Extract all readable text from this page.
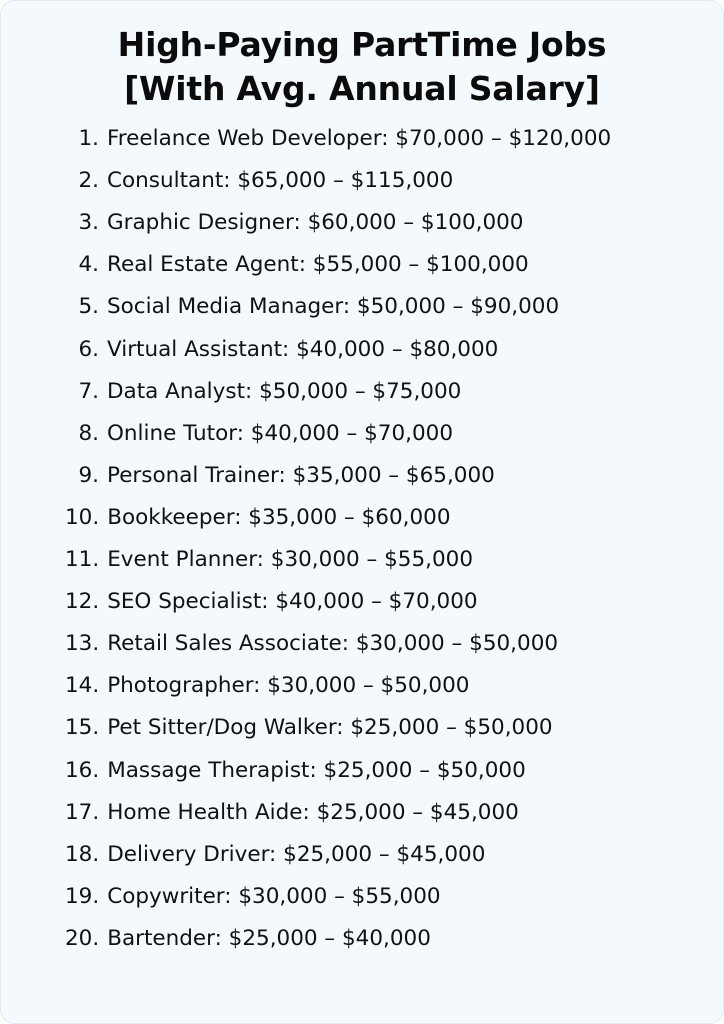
High-Paying PartTime Jobs
[With Avg. Annual Salary]
1. Freelance Web Developer: $70,000 – $120,000
2. Consultant: $65,000 – $115,000
3. Graphic Designer: $60,000 – $100,000
4. Real Estate Agent: $55,000 – $100,000
5. Social Media Manager: $50,000 – $90,000
6. Virtual Assistant: $40,000 – $80,000
7. Data Analyst: $50,000 – $75,000
8. Online Tutor: $40,000 – $70,000
9. Personal Trainer: $35,000 – $65,000
10. Bookkeeper: $35,000 – $60,000
11. Event Planner: $30,000 – $55,000
12. SEO Specialist: $40,000 – $70,000
13. Retail Sales Associate: $30,000 – $50,000
14. Photographer: $30,000 – $50,000
15. Pet Sitter/Dog Walker: $25,000 – $50,000
16. Massage Therapist: $25,000 – $50,000
17. Home Health Aide: $25,000 – $45,000
18. Delivery Driver: $25,000 – $45,000
19. Copywriter: $30,000 – $55,000
20. Bartender: $25,000 – $40,000
